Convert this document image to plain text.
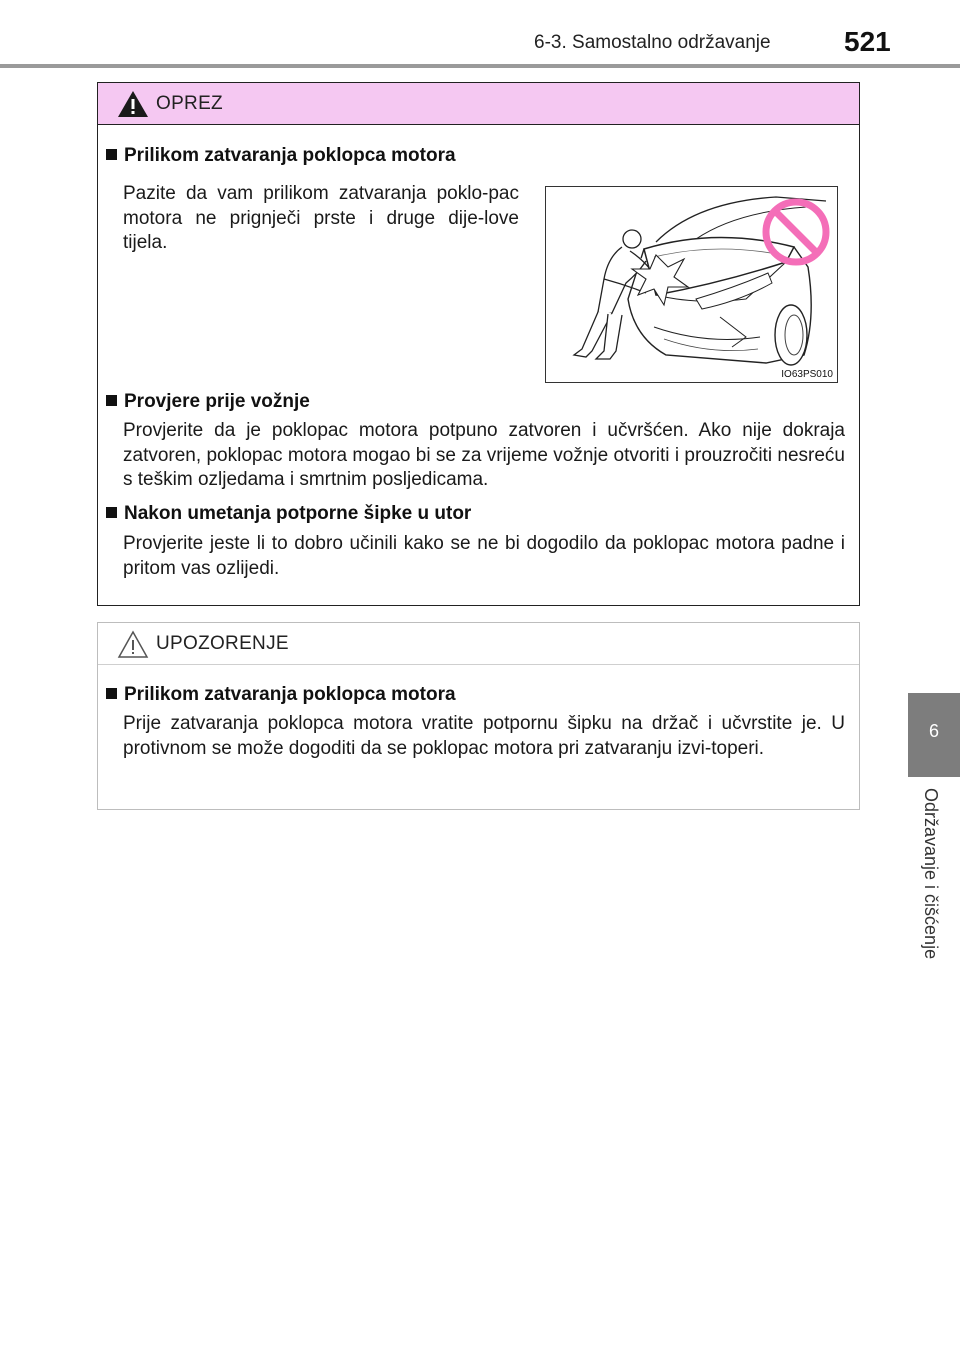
6-3. Samostalno održavanje	521
6
Održavanje i čišćenje
OPREZ
Prilikom zatvaranja poklopca motora
Pazite da vam prilikom zatvaranja poklo-pac motora ne prignječi prste i druge dije-love tijela.
IO63PS010
Provjere prije vožnje
Provjerite da je poklopac motora potpuno zatvoren i učvršćen. Ako nije dokraja zatvoren, poklopac motora mogao bi se za vrijeme vožnje otvoriti i prouzročiti nesreću s teškim ozljedama i smrtnim posljedicama.
Nakon umetanja potporne šipke u utor
Provjerite jeste li to dobro učinili kako se ne bi dogodilo da poklopac motora padne i pritom vas ozlijedi.
UPOZORENJE
Prilikom zatvaranja poklopca motora
Prije zatvaranja poklopca motora vratite potpornu šipku na držač i učvrstite je. U protivnom se može dogoditi da se poklopac motora pri zatvaranju izvi-toperi.
